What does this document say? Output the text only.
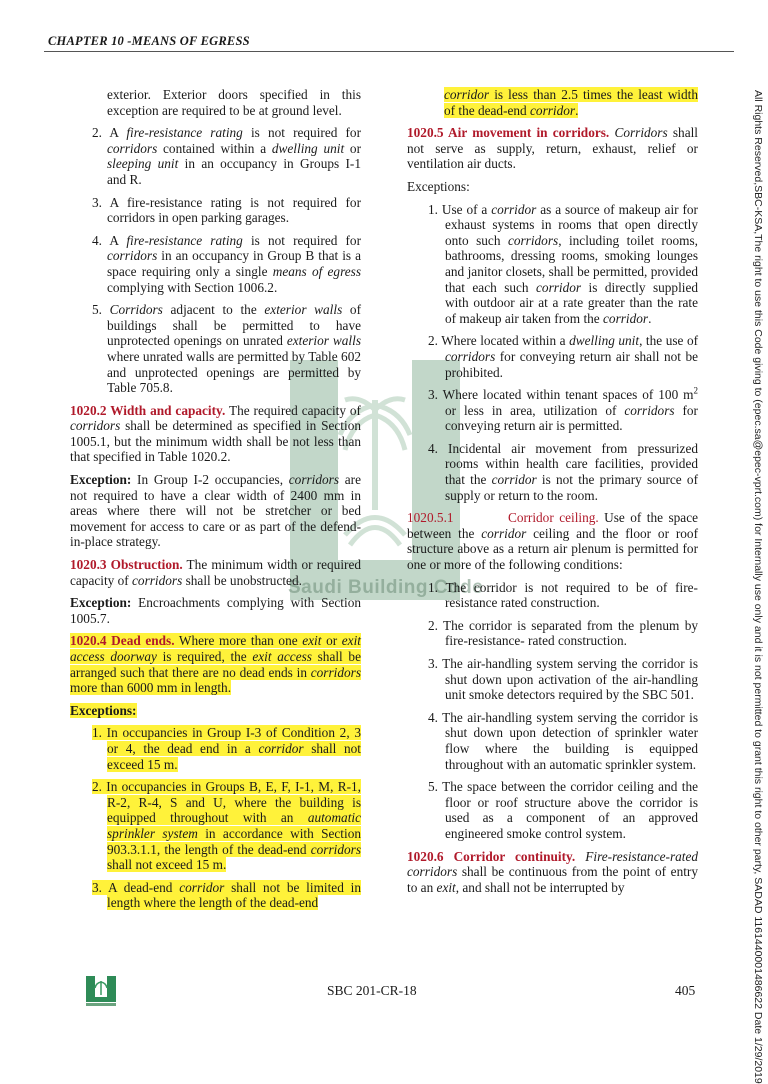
CHAPTER 10 -MEANS OF EGRESS
Saudi Building Code

exterior. Exterior doors specified in this exception are required to be at ground level.

2. A fire-resistance rating is not required for corridors contained within a dwelling unit or sleeping unit in an occupancy in Groups I-1 and R.

3. A fire-resistance rating is not required for corridors in open parking garages.

4. A fire-resistance rating is not required for corridors in an occupancy in Group B that is a space requiring only a single means of egress complying with Section 1006.2.

5. Corridors adjacent to the exterior walls of buildings shall be permitted to have unprotected openings on unrated exterior walls where unrated walls are permitted by Table 602 and unprotected openings are permitted by Table 705.8.

1020.2 Width and capacity. The required capacity of corridors shall be determined as specified in Section 1005.1, but the minimum width shall be not less than that specified in Table 1020.2.

Exception: In Group I-2 occupancies, corridors are not required to have a clear width of 2400 mm in areas where there will not be stretcher or bed movement for access to care or as part of the defend-in-place strategy.

1020.3 Obstruction. The minimum width or required capacity of corridors shall be unobstructed.

Exception: Encroachments complying with Section 1005.7.

1020.4 Dead ends. Where more than one exit or exit access doorway is required, the exit access shall be arranged such that there are no dead ends in corridors more than 6000 mm in length.

Exceptions:

1. In occupancies in Group I-3 of Condition 2, 3 or 4, the dead end in a corridor shall not exceed 15 m.

2. In occupancies in Groups B, E, F, I-1, M, R-1, R-2, R-4, S and U, where the building is equipped throughout with an automatic sprinkler system in accordance with Section 903.3.1.1, the length of the dead-end corridors shall not exceed 15 m.

3. A dead-end corridor shall not be limited in length where the length of the dead-end

corridor is less than 2.5 times the least width of the dead-end corridor.

1020.5 Air movement in corridors. Corridors shall not serve as supply, return, exhaust, relief or ventilation air ducts.

Exceptions:

1. Use of a corridor as a source of makeup air for exhaust systems in rooms that open directly onto such corridors, including toilet rooms, bathrooms, dressing rooms, smoking lounges and janitor closets, shall be permitted, provided that each such corridor is directly supplied with outdoor air at a rate greater than the rate of makeup air taken from the corridor.

2. Where located within a dwelling unit, the use of corridors for conveying return air shall not be prohibited.

3. Where located within tenant spaces of 100 $m^2$ or less in area, utilization of corridors for conveying return air is permitted.

4. Incidental air movement from pressurized rooms within health care facilities, provided that the corridor is not the primary source of supply or return to the room.

1020.5.1	Corridor ceiling. Use of the space between the corridor ceiling and the floor or roof structure above as a return air plenum is permitted for one or more of the following conditions:

1. The corridor is not required to be of fire-resistance rated construction.

2. The corridor is separated from the plenum by fire-resistance- rated construction.

3. The air-handling system serving the corridor is shut down upon activation of the air-handling unit smoke detectors required by the SBC 501.

4. The air-handling system serving the corridor is shut down upon detection of sprinkler water flow where the building is equipped throughout with an automatic sprinkler system.

5. The space between the corridor ceiling and the floor or roof structure above the corridor is used as a component of an approved engineered smoke control system.

1020.6 Corridor continuity. Fire-resistance-rated corridors shall be continuous from the point of entry to an exit, and shall not be interrupted by	All Rights Reserved,SBC-KSA,The right to use this Code giving to (epec.sa@epec-vprt.com) for Internally use only and it is not permitted to grant this right to other party, SADAD 1161440001486622 Date 1/29/2019
SBC 201-CR-18	405
